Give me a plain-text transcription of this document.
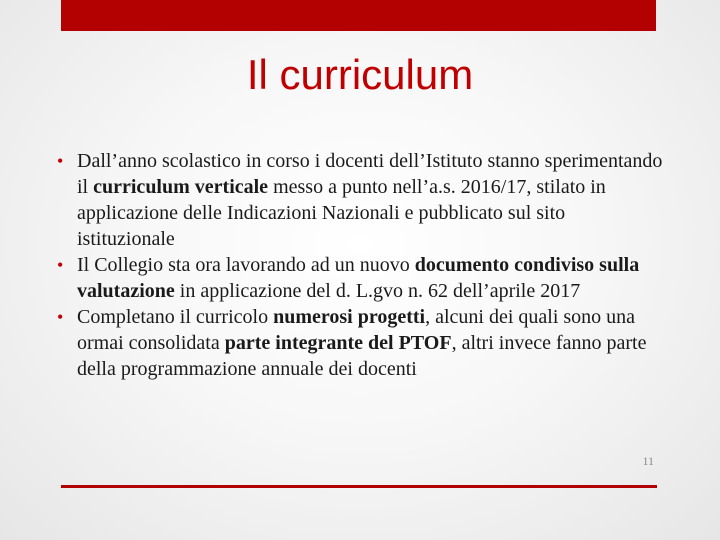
Il curriculum
• Dall’anno scolastico in corso i docenti dell’Istituto stanno sperimentando il curriculum verticale messo a punto nell’a.s. 2016/17, stilato in applicazione delle Indicazioni Nazionali e pubblicato sul sito istituzionale
• Il Collegio sta ora lavorando ad un nuovo documento condiviso sulla valutazione in applicazione del d. L.gvo n. 62 dell’aprile 2017
• Completano il curricolo numerosi progetti, alcuni dei quali sono una ormai consolidata parte integrante del PTOF, altri invece fanno parte della programmazione annuale dei docenti
11
